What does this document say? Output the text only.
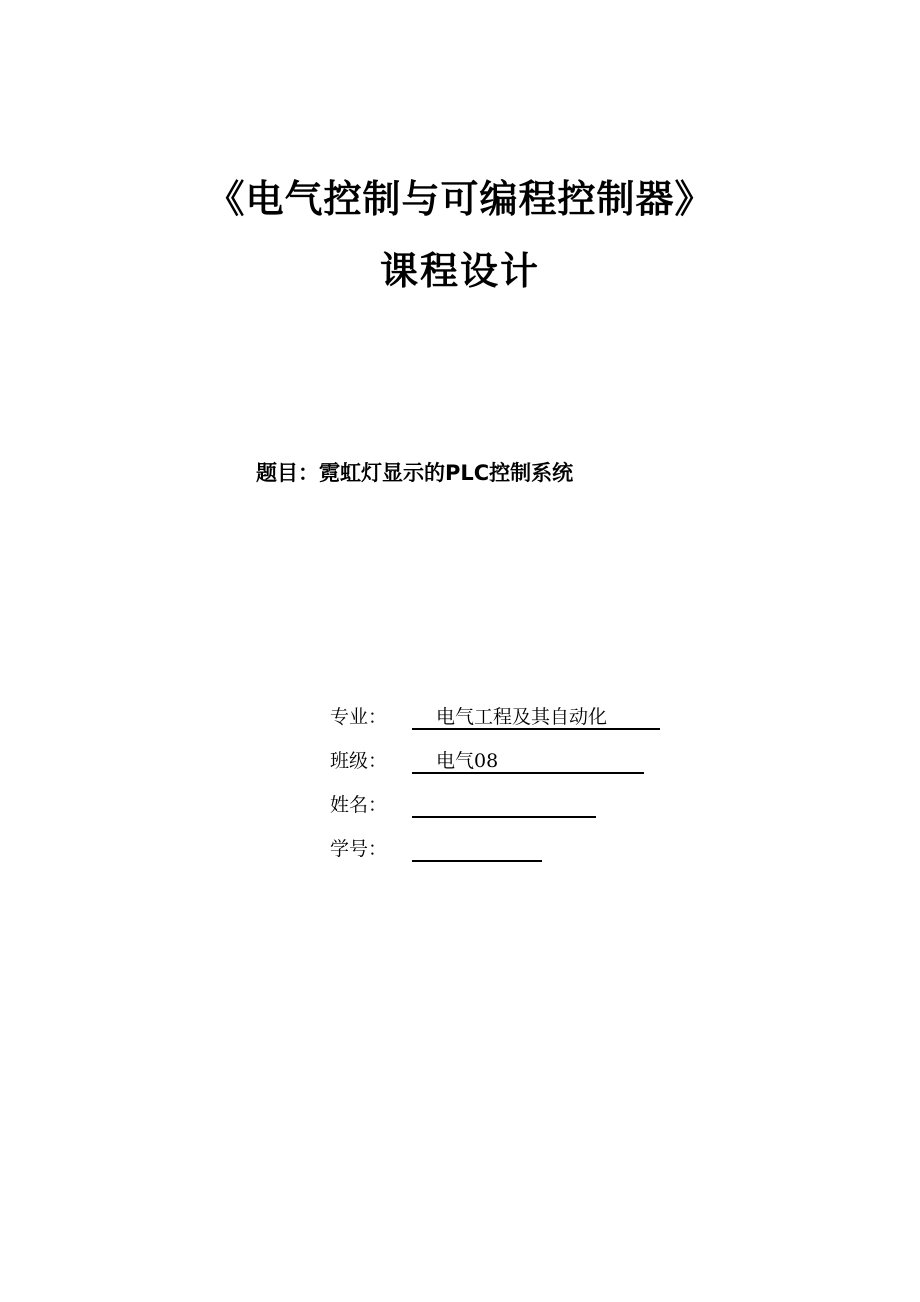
《电气控制与可编程控制器》
课程设计
题目：霓虹灯显示的PLC控制系统
专业：	电气工程及其自动化
班级：	电气08
姓名：
学号：
